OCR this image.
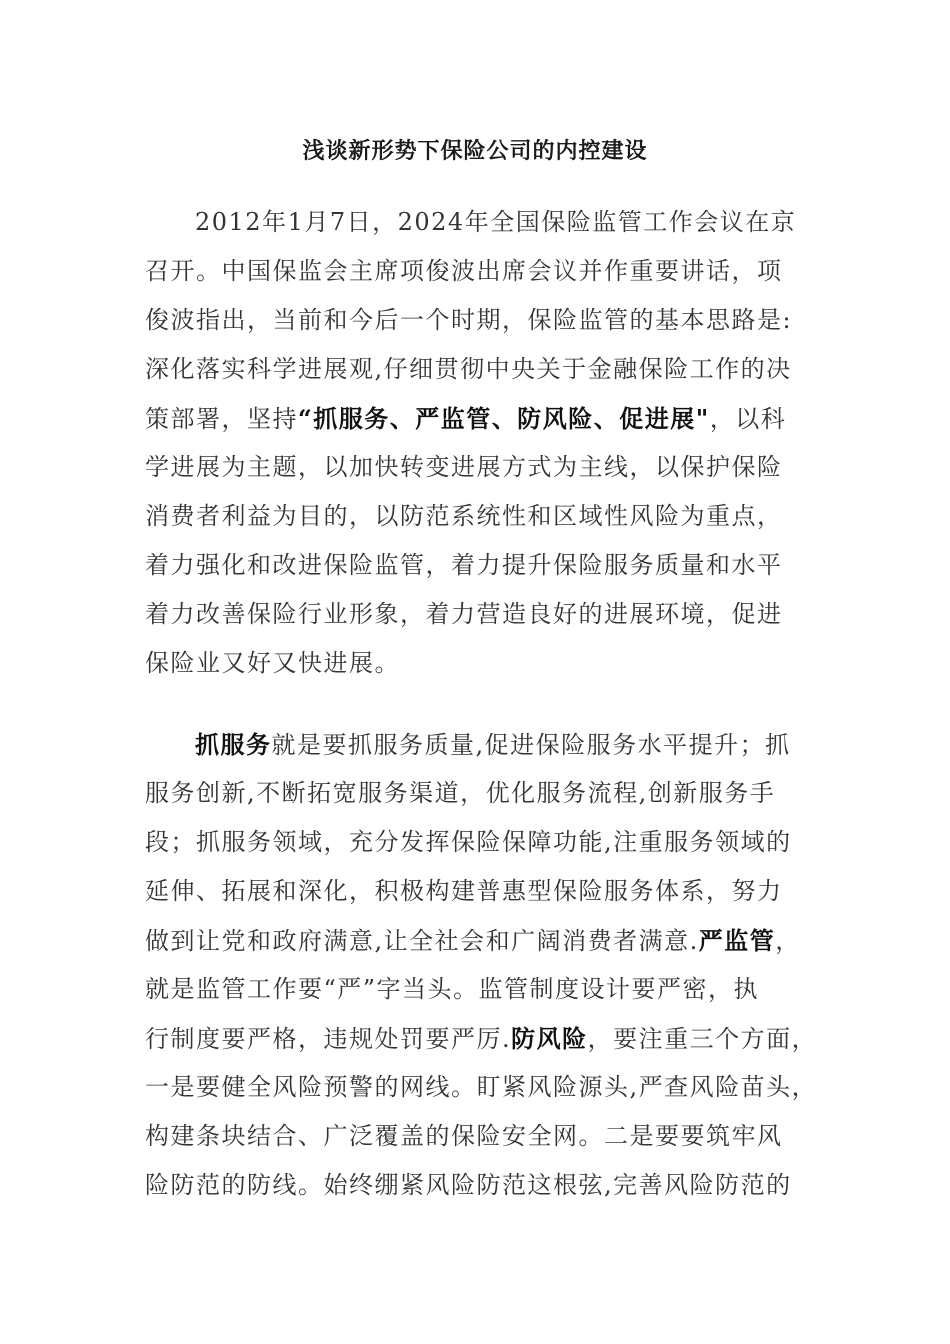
浅谈新形势下保险公司的内控建设
2012年1月7日，2024年全国保险监管工作会议在京
召开。中国保监会主席项俊波出席会议并作重要讲话，项
俊波指出，当前和今后一个时期，保险监管的基本思路是:
深化落实科学进展观,仔细贯彻中央关于金融保险工作的决
策部署，坚持“抓服务、严监管、防风险、促进展"，以科
学进展为主题，以加快转变进展方式为主线，以保护保险
消费者利益为目的，以防范系统性和区域性风险为重点，
着力强化和改进保险监管，着力提升保险服务质量和水平
着力改善保险行业形象，着力营造良好的进展环境，促进
保险业又好又快进展。
抓服务就是要抓服务质量,促进保险服务水平提升；抓
服务创新,不断拓宽服务渠道，优化服务流程,创新服务手
段；抓服务领域，充分发挥保险保障功能,注重服务领域的
延伸、拓展和深化，积极构建普惠型保险服务体系，努力
做到让党和政府满意,让全社会和广阔消费者满意.严监管，
就是监管工作要“严”字当头。监管制度设计要严密，执
行制度要严格，违规处罚要严厉.防风险，要注重三个方面，
一是要健全风险预警的网线。盯紧风险源头,严查风险苗头，
构建条块结合、广泛覆盖的保险安全网。二是要要筑牢风
险防范的防线。始终绷紧风险防范这根弦,完善风险防范的
